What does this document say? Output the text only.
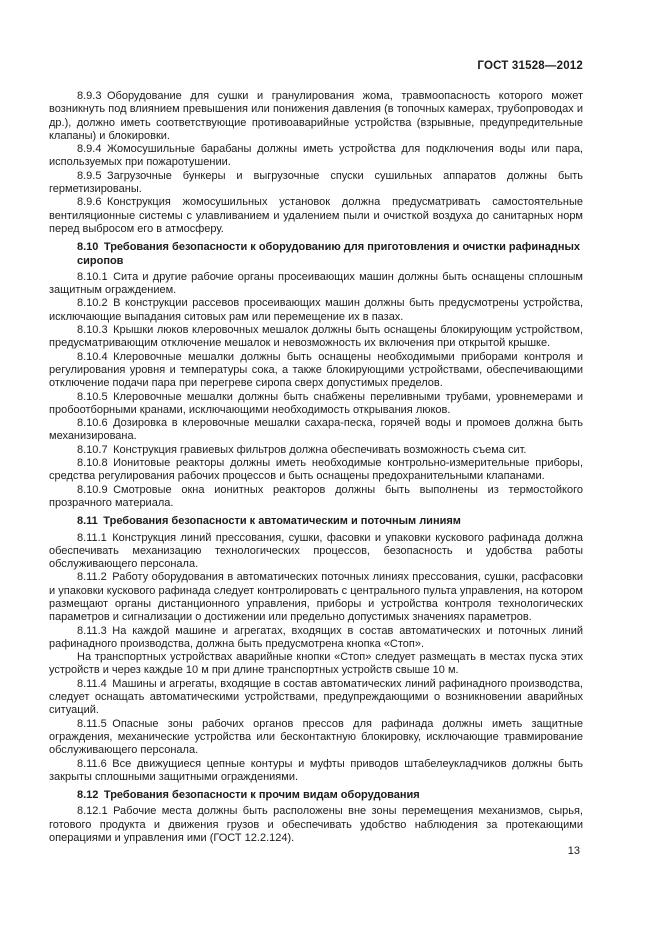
ГОСТ 31528—2012

8.9.3 Оборудование для сушки и гранулирования жома, травмоопасность которого может возникнуть под влиянием превышения или понижения давления (в топочных камерах, трубопроводах и др.), должно иметь соответствующие противоаварийные устройства (взрывные, предупредительные клапаны) и блокировки.

8.9.4 Жомосушильные барабаны должны иметь устройства для подключения воды или пара, используемых при пожаротушении.

8.9.5 Загрузочные бункеры и выгрузочные спуски сушильных аппаратов должны быть герметизированы.

8.9.6 Конструкция жомосушильных установок должна предусматривать самостоятельные вентиляционные системы с улавливанием и удалением пыли и очисткой воздуха до санитарных норм перед выбросом его в атмосферу.

8.10 Требования безопасности к оборудованию для приготовления и очистки рафинадных сиропов

8.10.1 Сита и другие рабочие органы просеивающих машин должны быть оснащены сплошным защитным ограждением.

8.10.2 В конструкции рассевов просеивающих машин должны быть предусмотрены устройства, исключающие выпадания ситовых рам или перемещение их в пазах.

8.10.3 Крышки люков клеровочных мешалок должны быть оснащены блокирующим устройством, предусматривающим отключение мешалок и невозможность их включения при открытой крышке.

8.10.4 Клеровочные мешалки должны быть оснащены необходимыми приборами контроля и регулирования уровня и температуры сока, а также блокирующими устройствами, обеспечивающими отключение подачи пара при перегреве сиропа сверх допустимых пределов.

8.10.5 Клеровочные мешалки должны быть снабжены переливными трубами, уровнемерами и пробоотборными кранами, исключающими необходимость открывания люков.

8.10.6 Дозировка в клеровочные мешалки сахара-песка, горячей воды и промоев должна быть механизирована.

8.10.7 Конструкция гравиевых фильтров должна обеспечивать возможность съема сит.

8.10.8 Ионитовые реакторы должны иметь необходимые контрольно-измерительные приборы, средства регулирования рабочих процессов и быть оснащены предохранительными клапанами.

8.10.9 Смотровые окна ионитных реакторов должны быть выполнены из термостойкого прозрачного материала.

8.11 Требования безопасности к автоматическим и поточным линиям

8.11.1 Конструкция линий прессования, сушки, фасовки и упаковки кускового рафинада должна обеспечивать механизацию технологических процессов, безопасность и удобства работы обслуживающего персонала.

8.11.2 Работу оборудования в автоматических поточных линиях прессования, сушки, расфасовки и упаковки кускового рафинада следует контролировать с центрального пульта управления, на котором размещают органы дистанционного управления, приборы и устройства контроля технологических параметров и сигнализации о достижении или предельно допустимых значениях параметров.

8.11.3 На каждой машине и агрегатах, входящих в состав автоматических и поточных линий рафинадного производства, должна быть предусмотрена кнопка «Стоп».

На транспортных устройствах аварийные кнопки «Стоп» следует размещать в местах пуска этих устройств и через каждые 10 м при длине транспортных устройств свыше 10 м.

8.11.4 Машины и агрегаты, входящие в состав автоматических линий рафинадного производства, следует оснащать автоматическими устройствами, предупреждающими о возникновении аварийных ситуаций.

8.11.5 Опасные зоны рабочих органов прессов для рафинада должны иметь защитные ограждения, механические устройства или бесконтактную блокировку, исключающие травмирование обслуживающего персонала.

8.11.6 Все движущиеся цепные контуры и муфты приводов штабелеукладчиков должны быть закрыты сплошными защитными ограждениями.

8.12 Требования безопасности к прочим видам оборудования

8.12.1 Рабочие места должны быть расположены вне зоны перемещения механизмов, сырья, готового продукта и движения грузов и обеспечивать удобство наблюдения за протекающими операциями и управления ими (ГОСТ 12.2.124).

13
